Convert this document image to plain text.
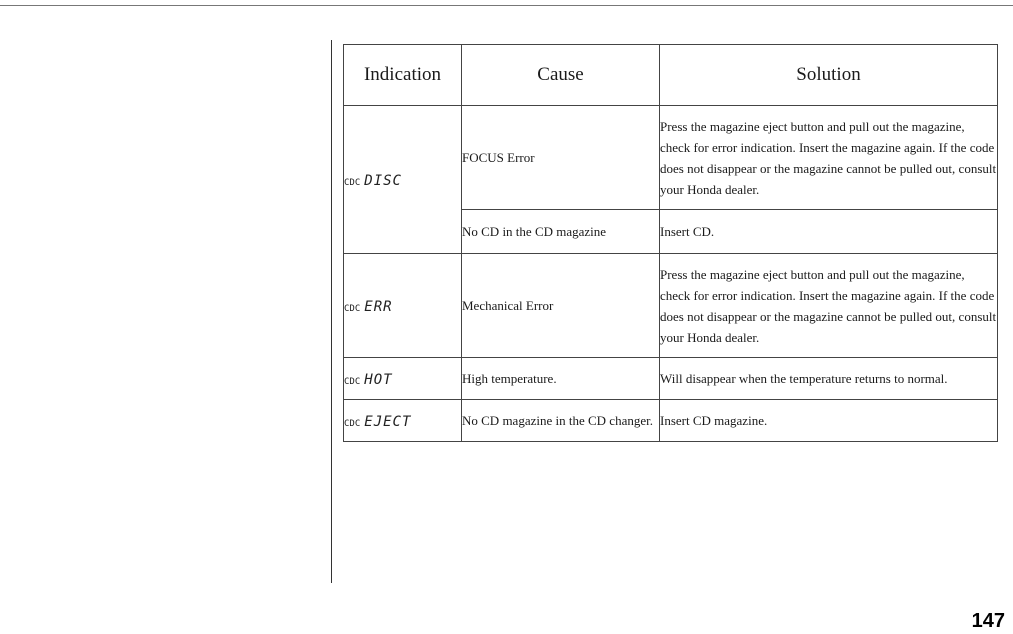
Indication	Cause	Solution
CDC DISC	FOCUS Error	Press the magazine eject button and pull out the magazine, check for error indication. Insert the magazine again. If the code does not disappear or the magazine cannot be pulled out, consult your Honda dealer.
	No CD in the CD magazine	Insert CD.
CDC ERR	Mechanical Error	Press the magazine eject button and pull out the magazine, check for error indication. Insert the magazine again. If the code does not disappear or the magazine cannot be pulled out, consult your Honda dealer.
CDC HOT	High temperature.	Will disappear when the temperature returns to normal.
CDC EJECT	No CD magazine in the CD changer.	Insert CD magazine.
147
